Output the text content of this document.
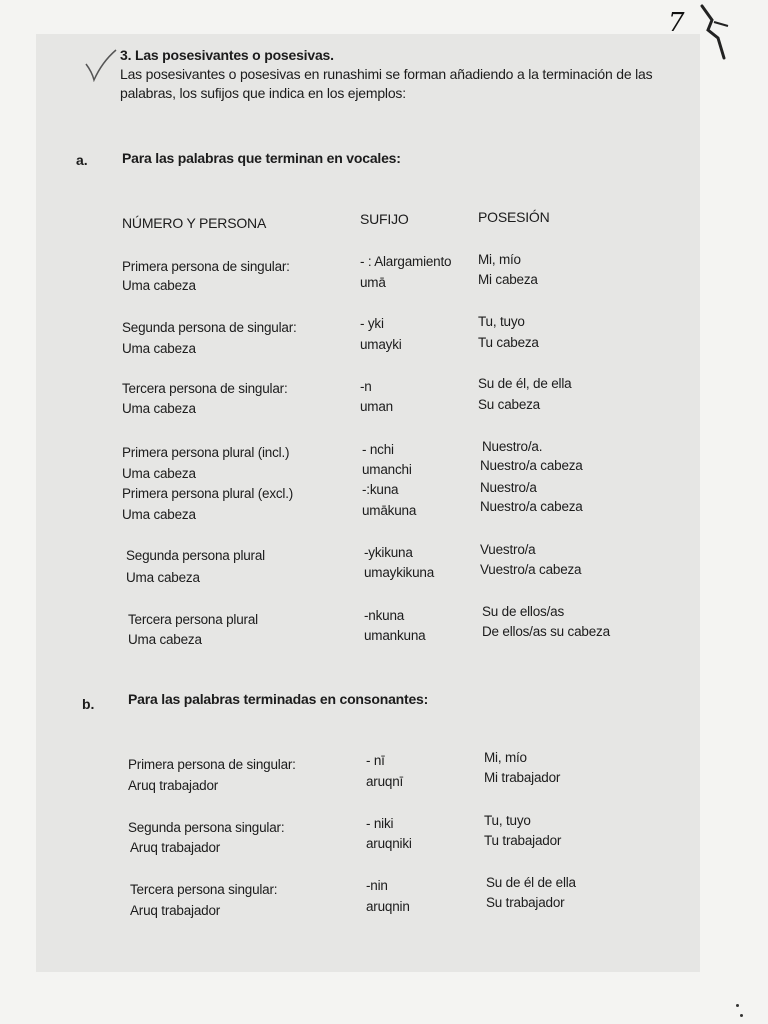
7
3. Las posesivantes o posesivas.
Las posesivantes o posesivas en runashimi se forman añadiendo a la terminación de las palabras, los sufijos que indica en los ejemplos:
a. Para las palabras que terminan en vocales:
NÚMERO Y PERSONA	SUFIJO	POSESIÓN
Primera persona de singular:
Uma cabeza
- : Alargamiento
umā
Mi, mío
Mi cabeza
Segunda persona de singular:
Uma cabeza
- yki
umayki
Tu, tuyo
Tu cabeza
Tercera persona de singular:
Uma cabeza
-n
uman
Su de él, de ella
Su cabeza
Primera persona plural (incl.)
Uma cabeza
- nchi
umanchi
Nuestro/a.
Nuestro/a cabeza
Primera persona plural (excl.)
Uma cabeza
-:kuna
umākuna
Nuestro/a
Nuestro/a cabeza
Segunda persona plural
Uma cabeza
-ykikuna
umaykikuna
Vuestro/a
Vuestro/a cabeza
Tercera persona plural
Uma cabeza
-nkuna
umankuna
Su de ellos/as
De ellos/as su cabeza
b. Para las palabras terminadas en consonantes:
Primera persona de singular:
Aruq trabajador
- nī
aruqnī
Mi, mío
Mi trabajador
Segunda persona singular:
Aruq trabajador
- niki
aruqniki
Tu, tuyo
Tu trabajador
Tercera persona singular:
Aruq trabajador
-nin
aruqnin
Su de él de ella
Su trabajador
